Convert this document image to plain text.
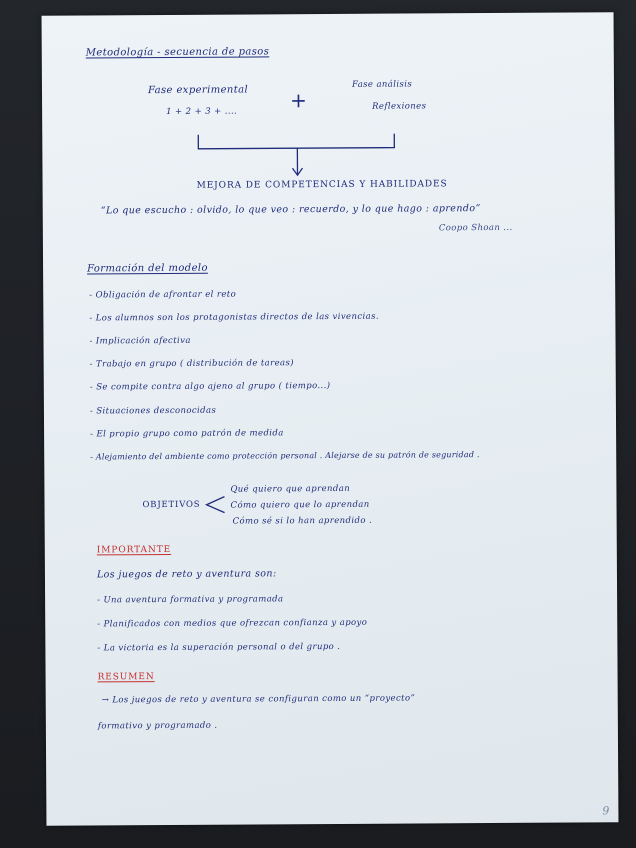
Metodología - secuencia de pasos
Fase experimental
1 + 2 + 3 + ....	+
Fase análisis
Reflexiones
MEJORA DE COMPETENCIAS Y HABILIDADES
“Lo que escucho : olvido, lo que veo : recuerdo, y lo que hago : aprendo”
Coopo Shoan ...
Formación del modelo
- Obligación de afrontar el reto
- Los alumnos son los protagonistas directos de las vivencias.
- Implicación afectiva
- Trabajo en grupo ( distribución de tareas)
- Se compite contra algo ajeno al grupo ( tiempo...)
- Situaciones desconocidas
- El propio grupo como patrón de medida
- Alejamiento del ambiente como protección personal . Alejarse de su patrón de seguridad .
OBJETIVOS
Qué quiero que aprendan
Cómo quiero que lo aprendan
Cómo sé si lo han aprendido .
IMPORTANTE
Los juegos de reto y aventura son:
- Una aventura formativa y programada
- Planificados con medios que ofrezcan confianza y apoyo
- La victoria es la superación personal o del grupo .
RESUMEN
→ Los juegos de reto y aventura se configuran como un “proyecto”
formativo y programado .
9
